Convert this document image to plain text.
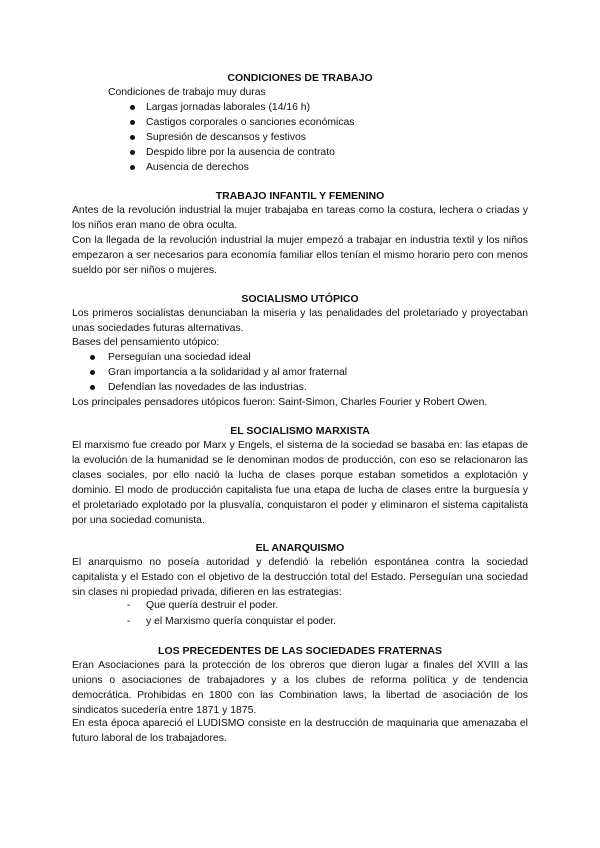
CONDICIONES DE TRABAJO
Condiciones de trabajo muy duras
Largas jornadas laborales (14/16 h)
Castigos corporales o sanciones económicas
Supresión de descansos y festivos
Despido libre por la ausencia de contrato
Ausencia de derechos
TRABAJO INFANTIL Y FEMENINO
Antes de la revolución industrial la mujer trabajaba en tareas como la costura, lechera o criadas y los niños eran mano de obra oculta.
Con la llegada de la revolución industrial la mujer empezó a trabajar en industria textil y los niños empezaron a ser necesarios para economía familiar ellos tenían el mismo horario pero con menos sueldo por ser niños o mujeres.
SOCIALISMO UTÓPICO
Los primeros socialistas denunciaban la miseria y las penalidades del proletariado y proyectaban unas sociedades futuras alternativas.
Bases del pensamiento utópico:
Perseguían una sociedad ideal
Gran importancia a la solidaridad y al amor fraternal
Defendían las novedades de las industrias.
Los principales pensadores utópicos fueron: Saint-Simon, Charles Fourier y Robert Owen.
EL SOCIALISMO MARXISTA
El marxismo fue creado por Marx y Engels, el sistema de la sociedad se basaba en: las etapas de la evolución de la humanidad se le denominan modos de producción, con eso se relacionaron las clases sociales, por ello nació la lucha de clases porque estaban sometidos a explotación y dominio. El modo de producción capitalista fue una etapa de lucha de clases entre la burguesía y el proletariado explotado por la plusvalía, conquistaron el poder y eliminaron el sistema capitalista por una sociedad comunista.
EL ANARQUISMO
El anarquismo no poseía autoridad y defendió la rebelión espontánea contra la sociedad capitalista y el Estado con el objetivo de la destrucción total del Estado. Perseguían una sociedad sin clases ni propiedad privada, difieren en las estrategias:
- Que quería destruir el poder.
- y el Marxismo quería conquistar el poder.
LOS PRECEDENTES DE LAS SOCIEDADES FRATERNAS
Eran Asociaciones para la protección de los obreros que dieron lugar a finales del XVIII a las unions o asociaciones de trabajadores y a los clubes de reforma política y de tendencia democrática. Prohibidas en 1800 con las Combination laws, la libertad de asociación de los sindicatos sucedería entre 1871 y 1875.
En esta época apareció el LUDISMO consiste en la destrucción de maquinaria que amenazaba el futuro laboral de los trabajadores.
